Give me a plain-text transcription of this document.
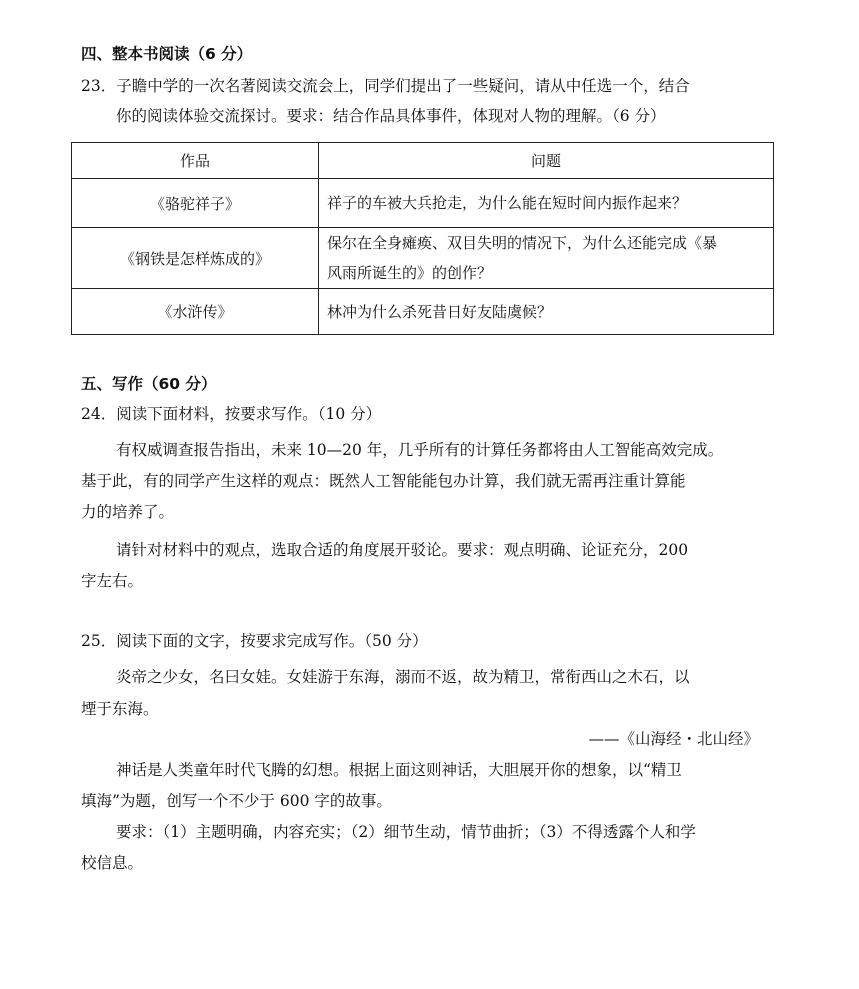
四、整本书阅读（6 分）
23．子瞻中学的一次名著阅读交流会上，同学们提出了一些疑问，请从中任选一个，结合
你的阅读体验交流探讨。要求：结合作品具体事件，体现对人物的理解。（6 分）
作品	问题
《骆驼祥子》	祥子的车被大兵抢走，为什么能在短时间内振作起来？
《钢铁是怎样炼成的》	保尔在全身瘫痪、双目失明的情况下，为什么还能完成《暴
风雨所诞生的》的创作？

《水浒传》	林冲为什么杀死昔日好友陆虞候？
五、写作（60 分）
24．阅读下面材料，按要求写作。（10 分）
有权威调查报告指出，未来 10—20 年，几乎所有的计算任务都将由人工智能高效完成。
基于此，有的同学产生这样的观点：既然人工智能能包办计算，我们就无需再注重计算能
力的培养了。
请针对材料中的观点，选取合适的角度展开驳论。要求：观点明确、论证充分，200
字左右。
25．阅读下面的文字，按要求完成写作。（50 分）
炎帝之少女，名曰女娃。女娃游于东海，溺而不返，故为精卫，常衔西山之木石，以
堙于东海。
——《山海经・北山经》
神话是人类童年时代飞腾的幻想。根据上面这则神话，大胆展开你的想象，以“精卫
填海”为题，创写一个不少于 600 字的故事。
要求：（1）主题明确，内容充实；（2）细节生动，情节曲折；（3）不得透露个人和学
校信息。
